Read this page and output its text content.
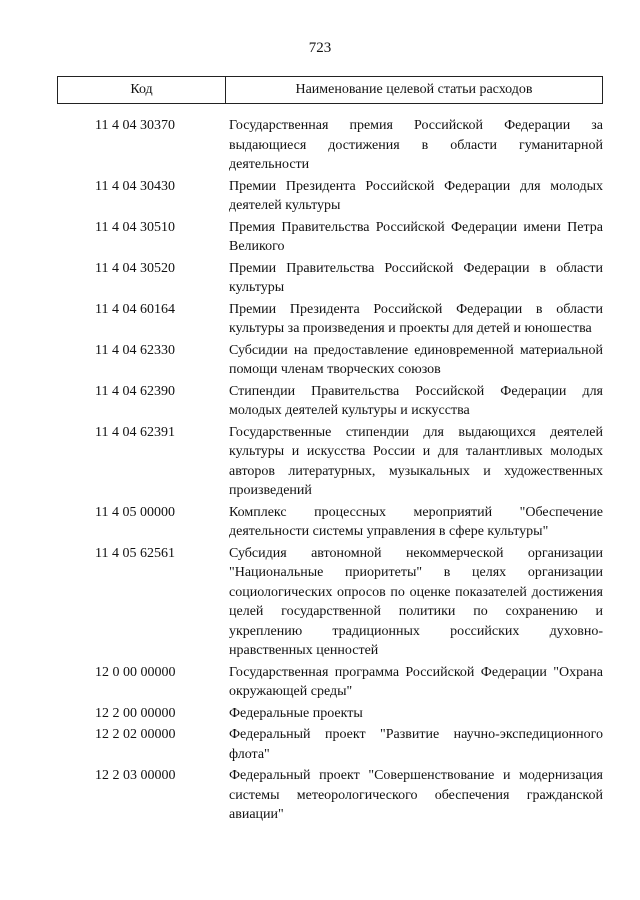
723
Код	Наименование целевой статьи расходов
11 4 04 30370	Государственная премия Российской Федерации за выдающиеся достижения в области гуманитарной деятельности
11 4 04 30430	Премии Президента Российской Федерации для молодых деятелей культуры
11 4 04 30510	Премия Правительства Российской Федерации имени Петра Великого
11 4 04 30520	Премии Правительства Российской Федерации в области культуры
11 4 04 60164	Премии Президента Российской Федерации в области культуры за произведения и проекты для детей и юношества
11 4 04 62330	Субсидии на предоставление единовременной материальной помощи членам творческих союзов
11 4 04 62390	Стипендии Правительства Российской Федерации для молодых деятелей культуры и искусства
11 4 04 62391	Государственные стипендии для выдающихся деятелей культуры и искусства России и для талантливых молодых авторов литературных, музыкальных и художественных произведений
11 4 05 00000	Комплекс процессных мероприятий "Обеспечение деятельности системы управления в сфере культуры"
11 4 05 62561	Субсидия автономной некоммерческой организации "Национальные приоритеты" в целях организации социологических опросов по оценке показателей достижения целей государственной политики по сохранению и укреплению традиционных российских духовно-нравственных ценностей
12 0 00 00000	Государственная программа Российской Федерации "Охрана окружающей среды"
12 2 00 00000	Федеральные проекты
12 2 02 00000	Федеральный проект "Развитие научно-экспедиционного флота"
12 2 03 00000	Федеральный проект "Совершенствование и модернизация системы метеорологического обеспечения гражданской авиации"
